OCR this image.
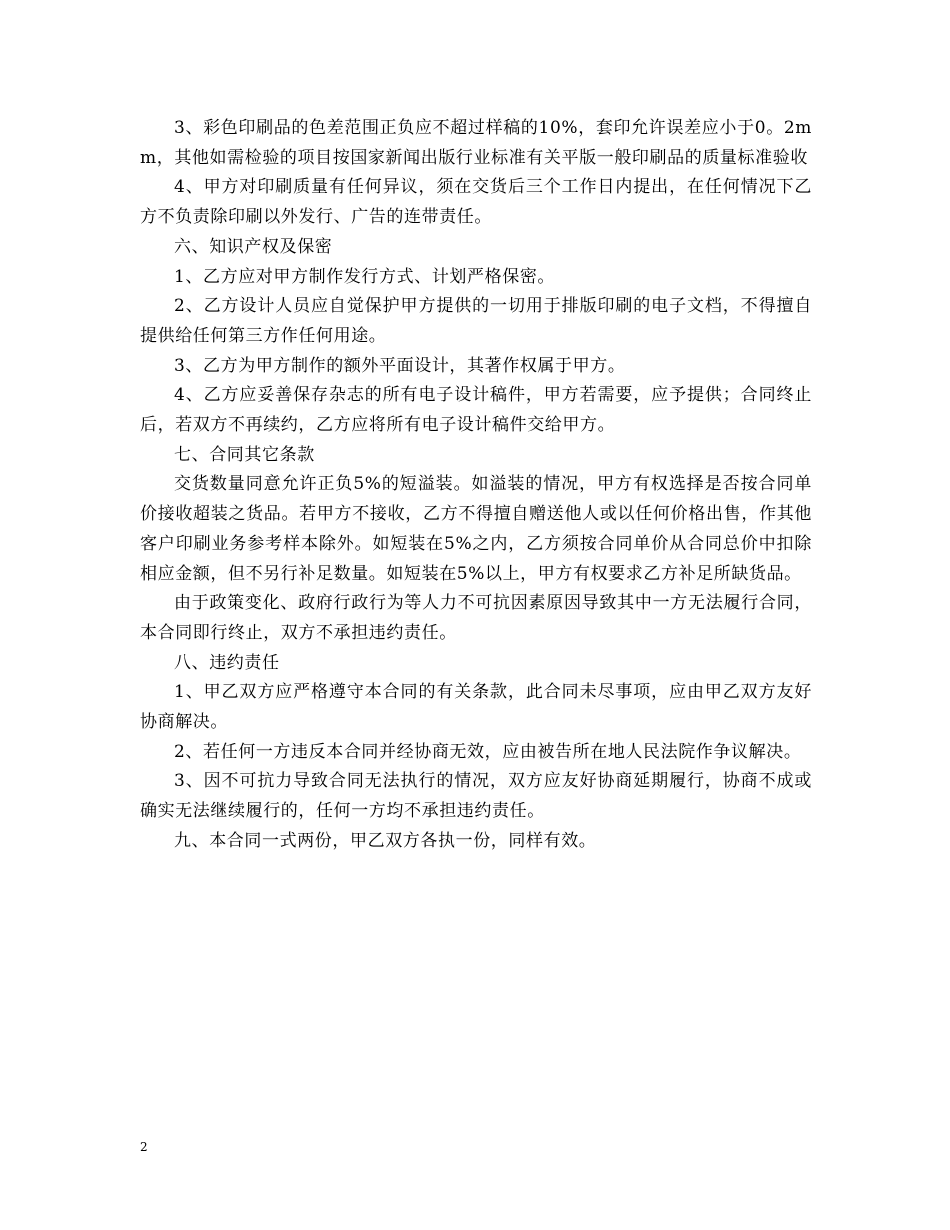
3、彩色印刷品的色差范围正负应不超过样稿的10%，套印允许误差应小于0。2mm，其他如需检验的项目按国家新闻出版行业标准有关平版一般印刷品的质量标准验收

4、甲方对印刷质量有任何异议，须在交货后三个工作日内提出，在任何情况下乙方不负责除印刷以外发行、广告的连带责任。

六、知识产权及保密

1、乙方应对甲方制作发行方式、计划严格保密。

2、乙方设计人员应自觉保护甲方提供的一切用于排版印刷的电子文档，不得擅自提供给任何第三方作任何用途。

3、乙方为甲方制作的额外平面设计，其著作权属于甲方。

4、乙方应妥善保存杂志的所有电子设计稿件，甲方若需要，应予提供；合同终止后，若双方不再续约，乙方应将所有电子设计稿件交给甲方。

七、合同其它条款

交货数量同意允许正负5%的短溢装。如溢装的情况，甲方有权选择是否按合同单价接收超装之货品。若甲方不接收，乙方不得擅自赠送他人或以任何价格出售，作其他客户印刷业务参考样本除外。如短装在5%之内，乙方须按合同单价从合同总价中扣除相应金额，但不另行补足数量。如短装在5%以上，甲方有权要求乙方补足所缺货品。

由于政策变化、政府行政行为等人力不可抗因素原因导致其中一方无法履行合同，本合同即行终止，双方不承担违约责任。

八、违约责任

1、甲乙双方应严格遵守本合同的有关条款，此合同未尽事项，应由甲乙双方友好协商解决。

2、若任何一方违反本合同并经协商无效，应由被告所在地人民法院作争议解决。

3、因不可抗力导致合同无法执行的情况，双方应友好协商延期履行，协商不成或确实无法继续履行的，任何一方均不承担违约责任。

九、本合同一式两份，甲乙双方各执一份，同样有效。

2
